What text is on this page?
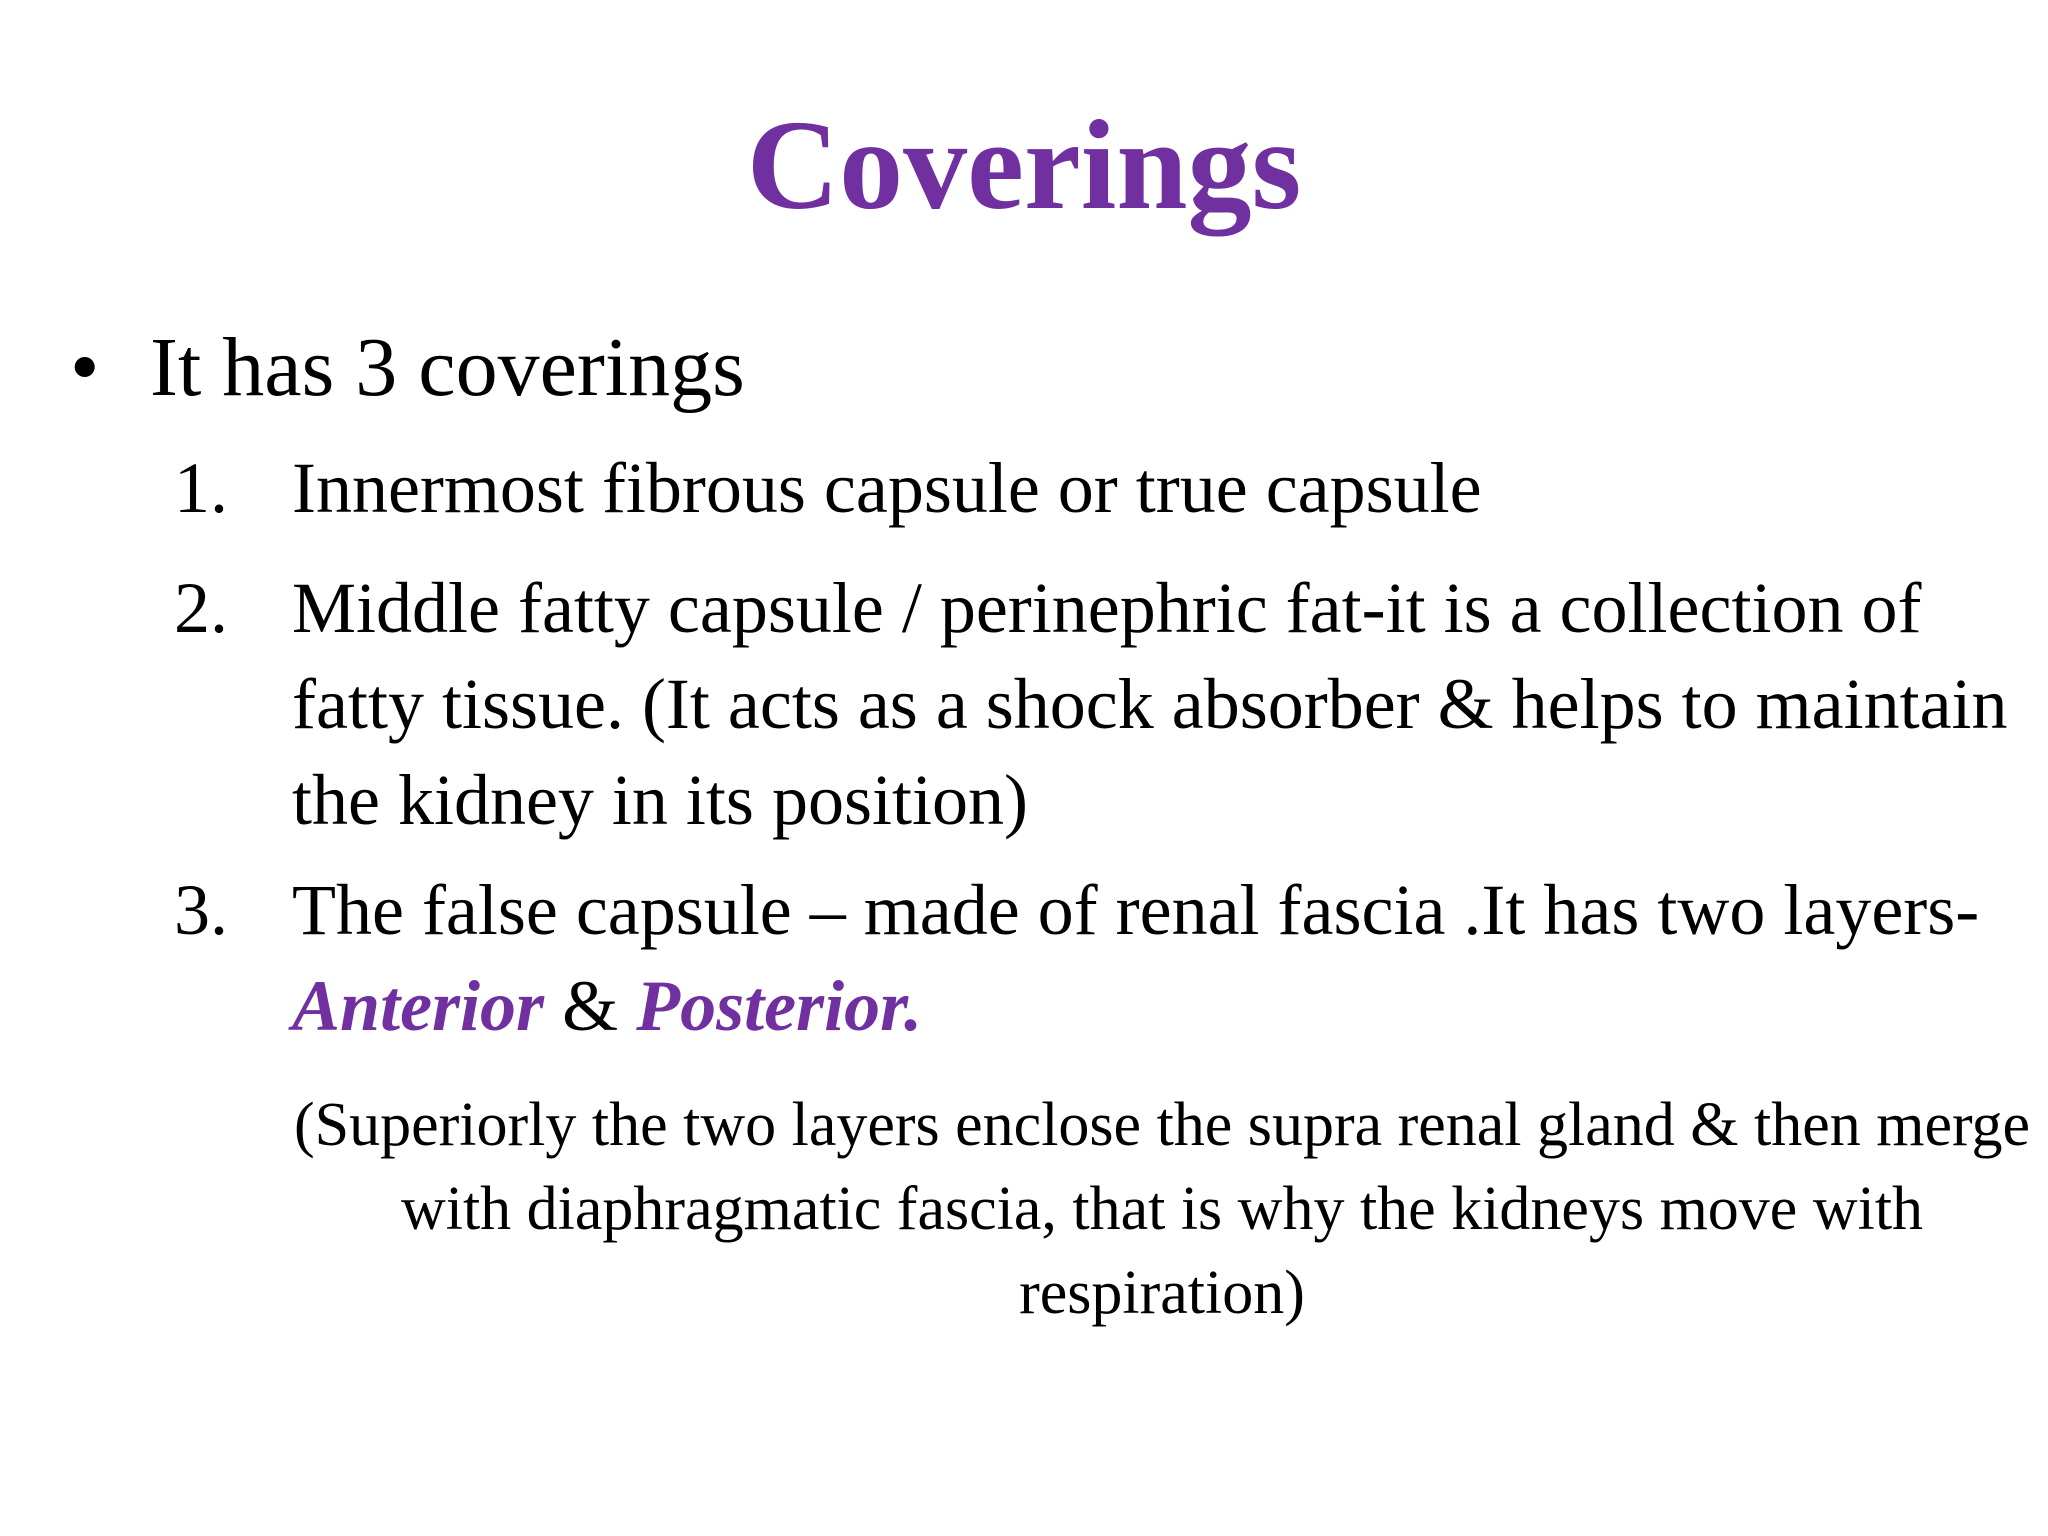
Coverings
• It has 3 coverings
1. Innermost fibrous capsule or true capsule
2. Middle fatty capsule / perinephric fat-it is a collection of fatty tissue. (It acts as a shock absorber & helps to maintain the kidney in its position)
3. The false capsule – made of renal fascia .It has two layers-Anterior & Posterior.
(Superiorly the two layers enclose the supra renal gland & then merge with diaphragmatic fascia, that is why the kidneys move with respiration)
